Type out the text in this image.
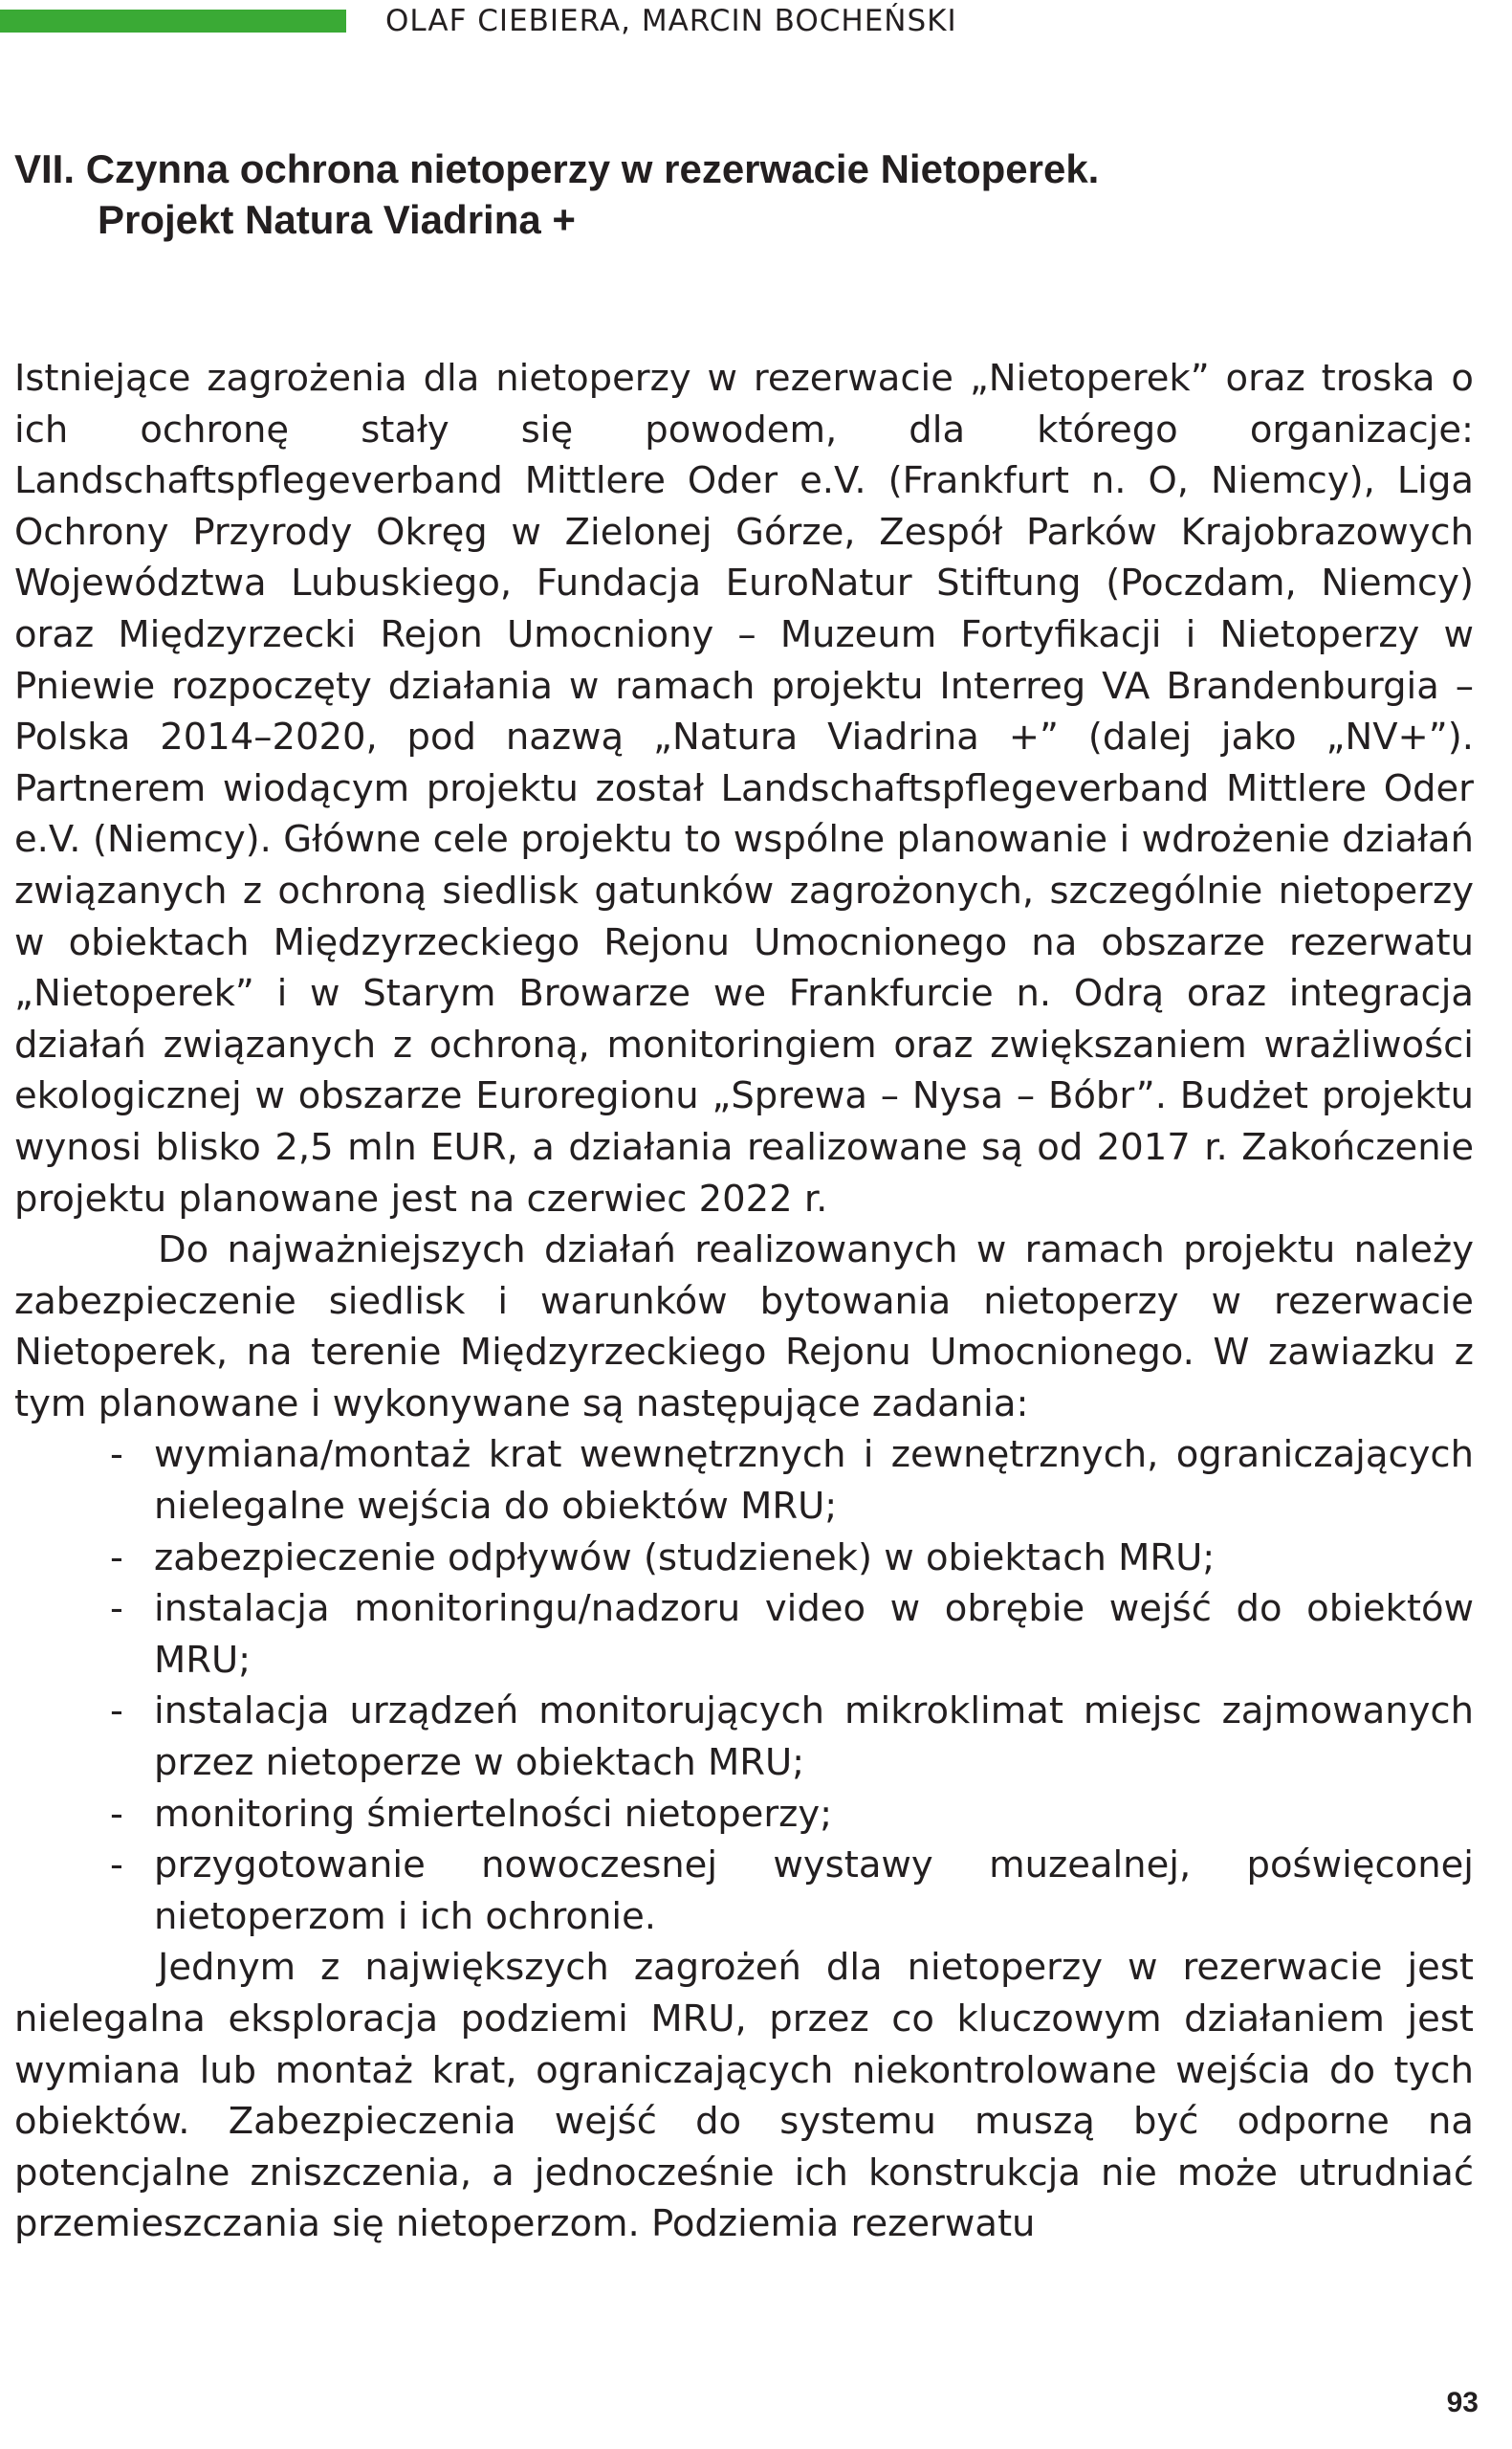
OLAF CIEBIERA, MARCIN BOCHEŃSKI
VII. Czynna ochrona nietoperzy w rezerwacie Nietoperek.
Projekt Natura Viadrina +

Istniejące zagrożenia dla nietoperzy w rezerwacie „Nietoperek” oraz troska o ich ochronę stały się powodem, dla którego organizacje: Landschaftspflegeverband Mittlere Oder e.V. (Frankfurt n. O, Niemcy), Liga Ochrony Przyrody Okręg w Zielonej Górze, Zespół Parków Krajobrazowych Województwa Lubuskiego, Fundacja EuroNatur Stiftung (Poczdam, Niemcy) oraz Międzyrzecki Rejon Umocniony – Muzeum Fortyfikacji i Nietoperzy w Pniewie rozpoczęty działania w ramach projektu Interreg VA Brandenburgia – Polska 2014–2020, pod nazwą „Natura Viadrina +” (dalej jako „NV+”). Partnerem wiodącym projektu został Landschaftspflegeverband Mittlere Oder e.V. (Niemcy). Główne cele projektu to wspólne planowanie i wdrożenie działań związanych z ochroną siedlisk gatunków zagrożonych, szczególnie nietoperzy w obiektach Międzyrzeckiego Rejonu Umocnionego na obszarze rezerwatu „Nietoperek” i w Starym Browarze we Frankfurcie n. Odrą oraz integracja działań związanych z ochroną, monitoringiem oraz zwiększaniem wrażliwości ekologicznej w obszarze Euroregionu „Sprewa – Nysa – Bóbr”. Budżet projektu wynosi blisko 2,5 mln EUR, a działania realizowane są od 2017 r. Zakończenie projektu planowane jest na czerwiec 2022 r.

Do najważniejszych działań realizowanych w ramach projektu należy zabezpieczenie siedlisk i warunków bytowania nietoperzy w rezerwacie Nietoperek, na terenie Międzyrzeckiego Rejonu Umocnionego. W zawiazku z tym planowane i wykonywane są następujące zadania:

- wymiana/montaż krat wewnętrznych i zewnętrznych, ograniczających nielegalne wejścia do obiektów MRU;
- zabezpieczenie odpływów (studzienek) w obiektach MRU;
- instalacja monitoringu/nadzoru video w obrębie wejść do obiektów MRU;
- instalacja urządzeń monitorujących mikroklimat miejsc zajmowanych przez nietoperze w obiektach MRU;
- monitoring śmiertelności nietoperzy;
- przygotowanie nowoczesnej wystawy muzealnej, poświęconej nietoperzom i ich ochronie.

Jednym z największych zagrożeń dla nietoperzy w rezerwacie jest nielegalna eksploracja podziemi MRU, przez co kluczowym działaniem jest wymiana lub montaż krat, ograniczających niekontrolowane wejścia do tych obiektów. Zabezpieczenia wejść do systemu muszą być odporne na potencjalne zniszczenia, a jednocześnie ich konstrukcja nie może utrudniać przemieszczania się nietoperzom. Podziemia rezerwatu

93
